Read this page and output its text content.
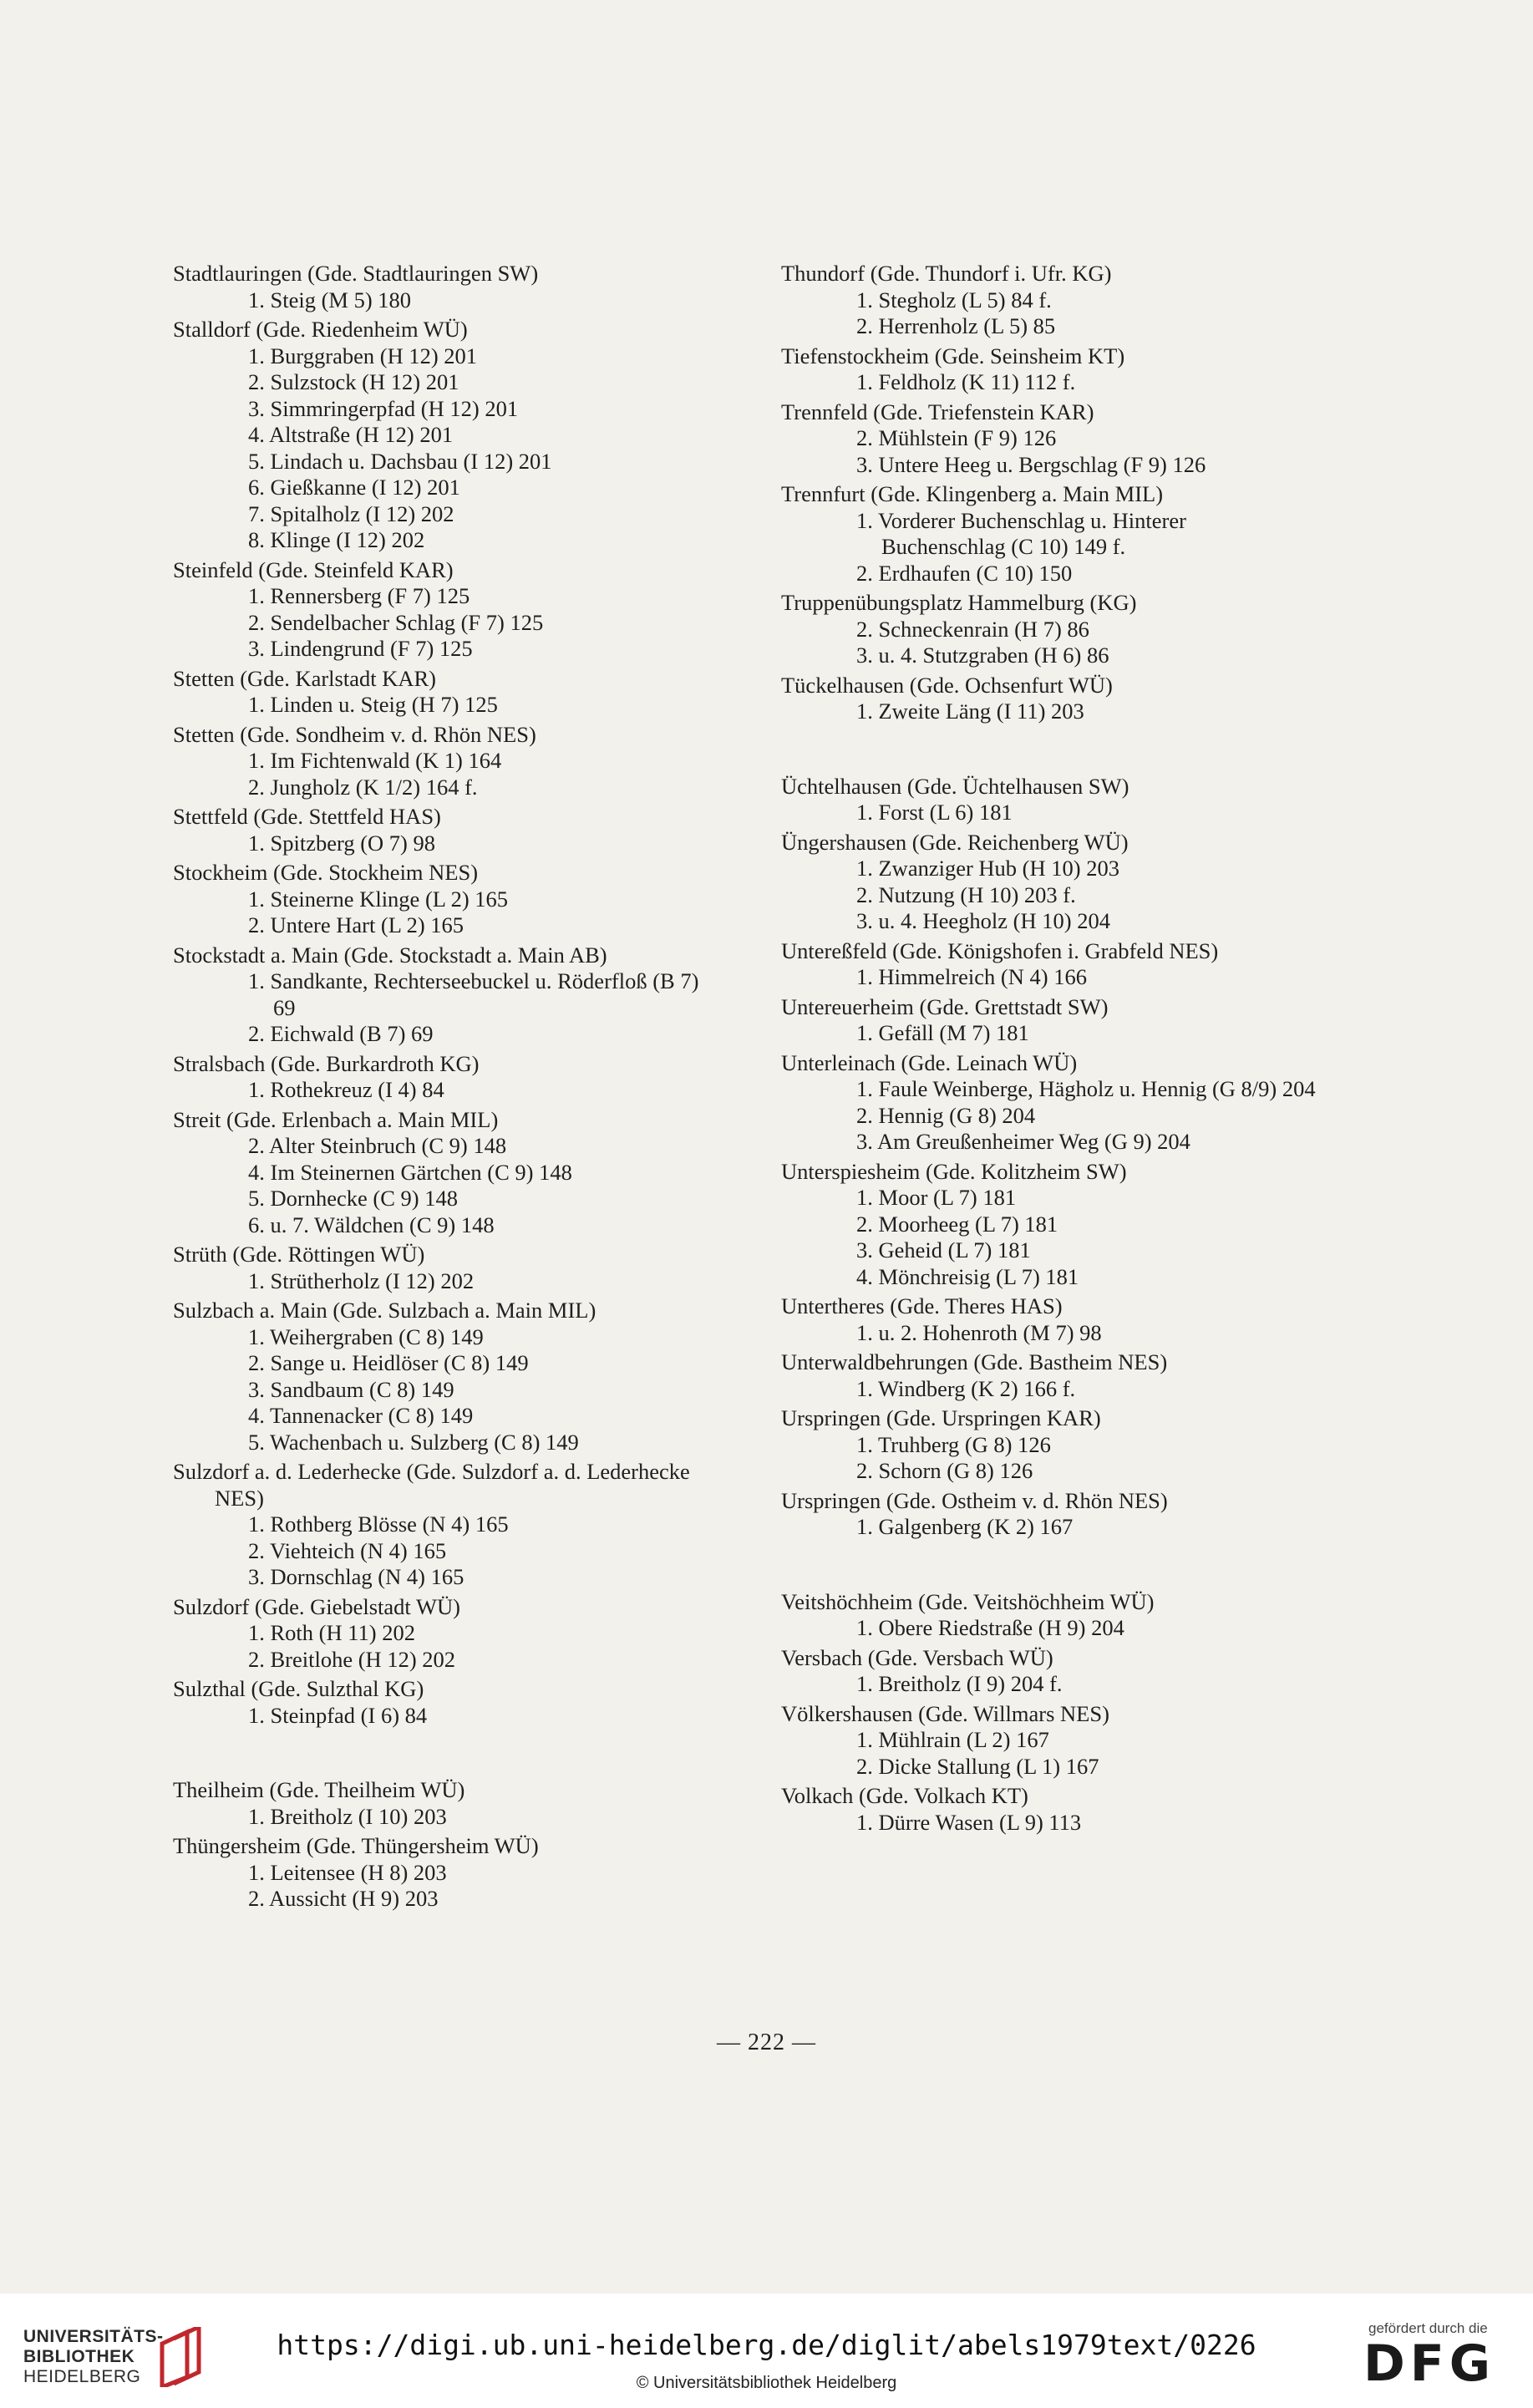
Stadtlauringen (Gde. Stadtlauringen SW)
1. Steig (M 5) 180
Stalldorf (Gde. Riedenheim WÜ)
1. Burggraben (H 12) 201
2. Sulzstock (H 12) 201
3. Simmringerpfad (H 12) 201
4. Altstraße (H 12) 201
5. Lindach u. Dachsbau (I 12) 201
6. Gießkanne (I 12) 201
7. Spitalholz (I 12) 202
8. Klinge (I 12) 202
Steinfeld (Gde. Steinfeld KAR)
1. Rennersberg (F 7) 125
2. Sendelbacher Schlag (F 7) 125
3. Lindengrund (F 7) 125
Stetten (Gde. Karlstadt KAR)
1. Linden u. Steig (H 7) 125
Stetten (Gde. Sondheim v. d. Rhön NES)
1. Im Fichtenwald (K 1) 164
2. Jungholz (K 1/2) 164 f.
Stettfeld (Gde. Stettfeld HAS)
1. Spitzberg (O 7) 98
Stockheim (Gde. Stockheim NES)
1. Steinerne Klinge (L 2) 165
2. Untere Hart (L 2) 165
Stockstadt a. Main (Gde. Stockstadt a. Main AB)
1. Sandkante, Rechterseebuckel u. Röderfloß (B 7) 69
2. Eichwald (B 7) 69
Stralsbach (Gde. Burkardroth KG)
1. Rothekreuz (I 4) 84
Streit (Gde. Erlenbach a. Main MIL)
2. Alter Steinbruch (C 9) 148
4. Im Steinernen Gärtchen (C 9) 148
5. Dornhecke (C 9) 148
6. u. 7. Wäldchen (C 9) 148
Strüth (Gde. Röttingen WÜ)
1. Strütherholz (I 12) 202
Sulzbach a. Main (Gde. Sulzbach a. Main MIL)
1. Weihergraben (C 8) 149
2. Sange u. Heidlöser (C 8) 149
3. Sandbaum (C 8) 149
4. Tannenacker (C 8) 149
5. Wachenbach u. Sulzberg (C 8) 149
Sulzdorf a. d. Lederhecke (Gde. Sulzdorf a. d. Lederhecke NES)
1. Rothberg Blösse (N 4) 165
2. Viehteich (N 4) 165
3. Dornschlag (N 4) 165
Sulzdorf (Gde. Giebelstadt WÜ)
1. Roth (H 11) 202
2. Breitlohe (H 12) 202
Sulzthal (Gde. Sulzthal KG)
1. Steinpfad (I 6) 84
Theilheim (Gde. Theilheim WÜ)
1. Breitholz (I 10) 203
Thüngersheim (Gde. Thüngersheim WÜ)
1. Leitensee (H 8) 203
2. Aussicht (H 9) 203
Thundorf (Gde. Thundorf i. Ufr. KG)
1. Stegholz (L 5) 84 f.
2. Herrenholz (L 5) 85
Tiefenstockheim (Gde. Seinsheim KT)
1. Feldholz (K 11) 112 f.
Trennfeld (Gde. Triefenstein KAR)
2. Mühlstein (F 9) 126
3. Untere Heeg u. Bergschlag (F 9) 126
Trennfurt (Gde. Klingenberg a. Main MIL)
1. Vorderer Buchenschlag u. Hinterer Buchenschlag (C 10) 149 f.
2. Erdhaufen (C 10) 150
Truppenübungsplatz Hammelburg (KG)
2. Schneckenrain (H 7) 86
3. u. 4. Stutzgraben (H 6) 86
Tückelhausen (Gde. Ochsenfurt WÜ)
1. Zweite Läng (I 11) 203
Üchtelhausen (Gde. Üchtelhausen SW)
1. Forst (L 6) 181
Üngershausen (Gde. Reichenberg WÜ)
1. Zwanziger Hub (H 10) 203
2. Nutzung (H 10) 203 f.
3. u. 4. Heegholz (H 10) 204
Untereßfeld (Gde. Königshofen i. Grabfeld NES)
1. Himmelreich (N 4) 166
Untereuerheim (Gde. Grettstadt SW)
1. Gefäll (M 7) 181
Unterleinach (Gde. Leinach WÜ)
1. Faule Weinberge, Hägholz u. Hennig (G 8/9) 204
2. Hennig (G 8) 204
3. Am Greußenheimer Weg (G 9) 204
Unterspiesheim (Gde. Kolitzheim SW)
1. Moor (L 7) 181
2. Moorheeg (L 7) 181
3. Geheid (L 7) 181
4. Mönchreisig (L 7) 181
Untertheres (Gde. Theres HAS)
1. u. 2. Hohenroth (M 7) 98
Unterwaldbehrungen (Gde. Bastheim NES)
1. Windberg (K 2) 166 f.
Urspringen (Gde. Urspringen KAR)
1. Truhberg (G 8) 126
2. Schorn (G 8) 126
Urspringen (Gde. Ostheim v. d. Rhön NES)
1. Galgenberg (K 2) 167
Veitshöchheim (Gde. Veitshöchheim WÜ)
1. Obere Riedstraße (H 9) 204
Versbach (Gde. Versbach WÜ)
1. Breitholz (I 9) 204 f.
Völkershausen (Gde. Willmars NES)
1. Mühlrain (L 2) 167
2. Dicke Stallung (L 1) 167
Volkach (Gde. Volkach KT)
1. Dürre Wasen (L 9) 113
— 222 —
UNIVERSITÄTS-
BIBLIOTHEK
HEIDELBERG
https://digi.ub.uni-heidelberg.de/diglit/abels1979text/0226
© Universitätsbibliothek Heidelberg
gefördert durch die
DFG
